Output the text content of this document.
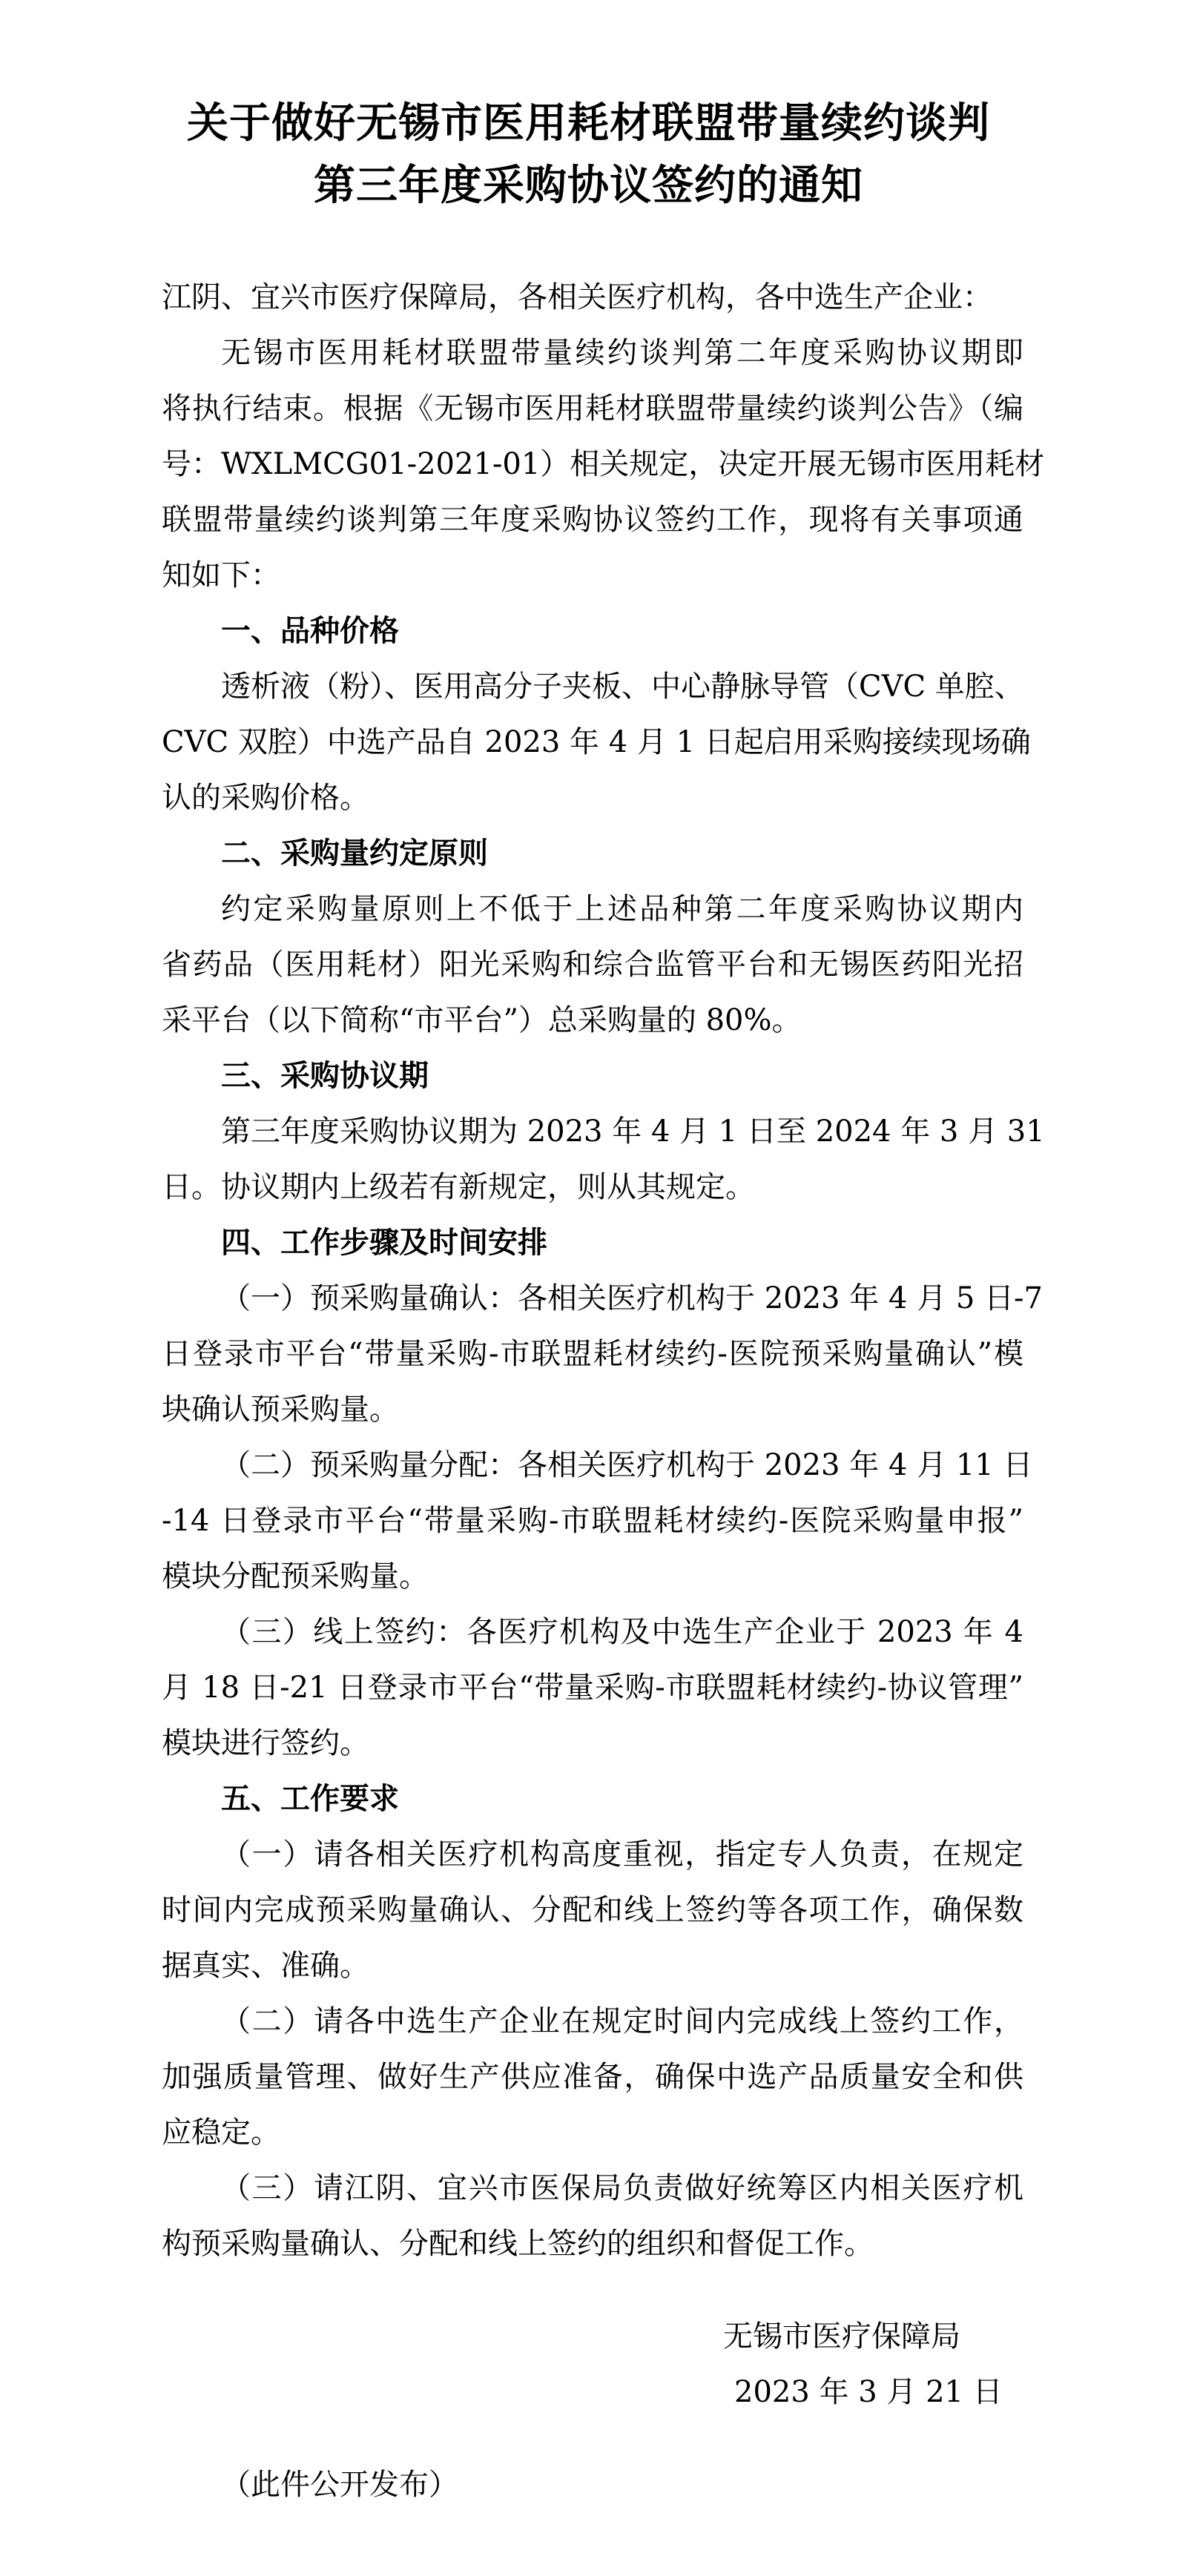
关于做好无锡市医用耗材联盟带量续约谈判
第三年度采购协议签约的通知
江阴、宜兴市医疗保障局，各相关医疗机构，各中选生产企业：
无锡市医用耗材联盟带量续约谈判第二年度采购协议期即
将执行结束。根据《无锡市医用耗材联盟带量续约谈判公告》（编
号：WXLMCG01-2021-01）相关规定，决定开展无锡市医用耗材
联盟带量续约谈判第三年度采购协议签约工作，现将有关事项通
知如下：
一、品种价格
透析液（粉）、医用高分子夹板、中心静脉导管（CVC 单腔、
CVC 双腔）中选产品自 2023 年 4 月 1 日起启用采购接续现场确
认的采购价格。
二、采购量约定原则
约定采购量原则上不低于上述品种第二年度采购协议期内
省药品（医用耗材）阳光采购和综合监管平台和无锡医药阳光招
采平台（以下简称“市平台”）总采购量的 80%。
三、采购协议期
第三年度采购协议期为 2023 年 4 月 1 日至 2024 年 3 月 31
日。协议期内上级若有新规定，则从其规定。
四、工作步骤及时间安排
（一）预采购量确认：各相关医疗机构于 2023 年 4 月 5 日-7
日登录市平台“带量采购-市联盟耗材续约-医院预采购量确认”模
块确认预采购量。
（二）预采购量分配：各相关医疗机构于 2023 年 4 月 11 日
-14 日登录市平台“带量采购-市联盟耗材续约-医院采购量申报”
模块分配预采购量。
（三）线上签约：各医疗机构及中选生产企业于 2023 年 4
月 18 日-21 日登录市平台“带量采购-市联盟耗材续约-协议管理”
模块进行签约。
五、工作要求
（一）请各相关医疗机构高度重视，指定专人负责，在规定
时间内完成预采购量确认、分配和线上签约等各项工作，确保数
据真实、准确。
（二）请各中选生产企业在规定时间内完成线上签约工作，
加强质量管理、做好生产供应准备，确保中选产品质量安全和供
应稳定。
（三）请江阴、宜兴市医保局负责做好统筹区内相关医疗机
构预采购量确认、分配和线上签约的组织和督促工作。
无锡市医疗保障局
2023 年 3 月 21 日
（此件公开发布）
